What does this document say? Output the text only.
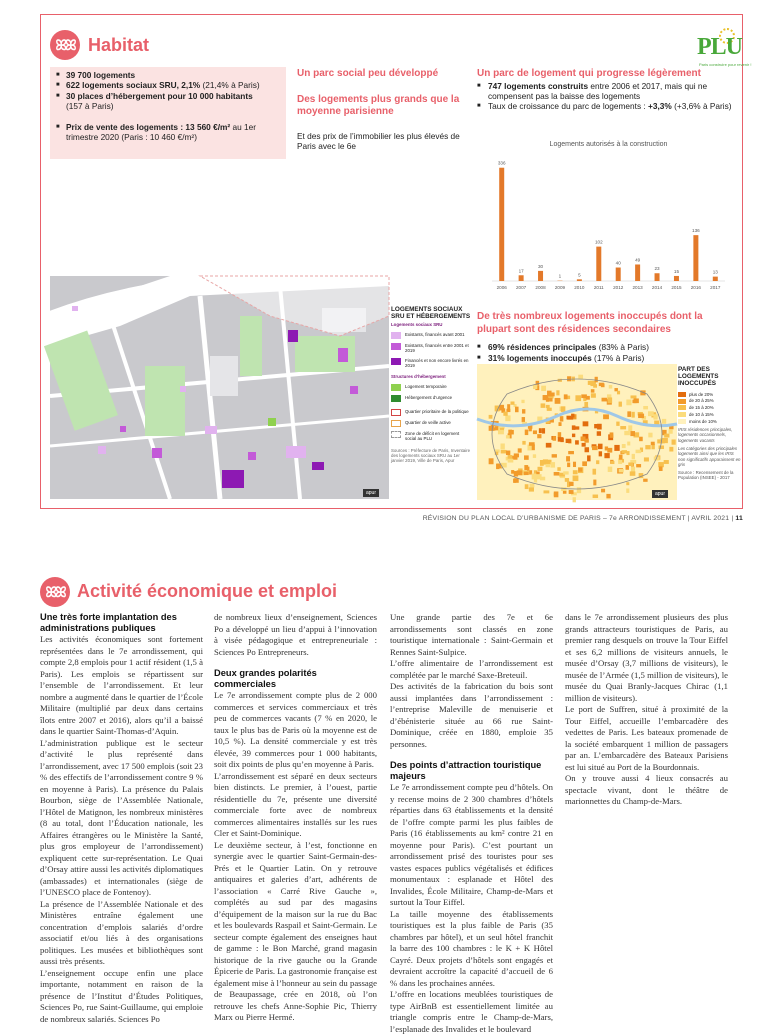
ꕤꕤ Habitat	PLU
Paris construire pour revenir !
■ 39 700 logements
■ 622 logements sociaux SRU, 2,1% (21,4% à Paris)
■ 30 places d’hébergement pour 10 000 habitants
(157 à Paris)
■ Prix de vente des logements : 13 560 €/m² au 1er trimestre 2020 (Paris : 10 460 €/m²)
Un parc social peu développé
Des logements plus grands que la moyenne parisienne
Et des prix de l’immobilier les plus élevés de Paris avec le 6e
Un parc de logement qui progresse légèrement
■ 747 logements construits entre 2006 et 2017, mais qui ne compensent pas la baisse des logements
■ Taux de croissance du parc de logements : +3,3% (+3,6% à Paris)
Logements autorisés à la construction
336
2006
17
2007
30
2008
1
2009
5
2010
102
2011
40
2012
49
2013
23
2014
15
2015
136
2016
13
2017
apur
LOGEMENTS SOCIAUX SRU ET HÉBERGEMENTS
Logements sociaux SRU
Existants, financés avant 2001
Existants, financés entre 2001 et 2019
Financés et non encore livrés en 2019
Structures d’hébergement
Logement temporaire
Hébergement d’urgence
Quartier prioritaire de la politique
Quartier de veille active
Zone de déficit en logement social au PLU
Sources : Préfecture de Paris, Inventaire des logements sociaux SRU au 1er janvier 2019, Ville de Paris, Apur
De très nombreux logements inoccupés dont la plupart sont des résidences secondaires
■ 69% résidences principales (83% à Paris)
■ 31% logements inoccupés (17% à Paris)
apur
PART DES LOGEMENTS INOCCUPÉS
plus de 20%
de 20 à 25%
de 15 à 20%
de 10 à 15%
moins de 10%
IRIS résidences principales, logements occasionnels, logements vacants
Les catégories des principales logements ainsi que les IRIS non significatifs apparaissent en gris
Source : Recensement de la Population (INSEE) - 2017
RÉVISION DU PLAN LOCAL D’URBANISME DE PARIS – 7e ARRONDISSEMENT | AVRIL 2021 | 11
ꕤꕤ Activité économique et emploi
Une très forte implantation des administrations publiques

Les activités économiques sont fortement représentées dans le 7e arrondissement, qui compte 2,8 emplois pour 1 actif résident (1,5 à Paris). Les emplois se répartissent sur l’ensemble de l’arrondissement. Et leur nombre a augmenté dans le quartier de l’École Militaire (multiplié par deux dans certains îlots entre 2007 et 2016), alors qu’il a baissé dans le quartier Saint-Thomas-d’Aquin.

L’administration publique est le secteur d’activité le plus représenté dans l’arrondissement, avec 17 500 emplois (soit 23 % des effectifs de l’arrondissement contre 9 % en moyenne à Paris). La présence du Palais Bourbon, siège de l’Assemblée Nationale, l’Hôtel de Matignon, les nombreux ministères (8 au total, dont l’Éducation nationale, les Affaires étrangères ou le Ministère la Santé, plus gros employeur de l’arrondissement) expliquent cette sur-représentation. Le Quai d’Orsay attire aussi les activités diplomatiques (ambassades) et internationales (siège de l’UNESCO place de Fontenoy).

La présence de l’Assemblée Nationale et des Ministères entraîne également une concentration d’emplois salariés d’ordre associatif et/ou liés à des organisations politiques. Les musées et bibliothèques sont aussi très présents.

L’enseignement occupe enfin une place importante, notamment en raison de la présence de l’Institut d’Études Politiques, Sciences Po, rue Saint-Guillaume, qui emploie de nombreux salariés. Sciences Po

de nombreux lieux d’enseignement, Sciences Po a développé un lieu d’appui à l’innovation à visée pédagogique et entrepreneuriale : Sciences Po Entrepreneurs.

Deux grandes polarités commerciales

Le 7e arrondissement compte plus de 2 000 commerces et services commerciaux et très peu de commerces vacants (7 % en 2020, le taux le plus bas de Paris où la moyenne est de 10,5 %). La densité commerciale y est très élevée, 39 commerces pour 1 000 habitants, soit dix points de plus qu’en moyenne à Paris.

L’arrondissement est séparé en deux secteurs bien distincts. Le premier, à l’ouest, partie résidentielle du 7e, présente une diversité commerciale forte avec de nombreux commerces alimentaires installés sur les rues Cler et Saint-Dominique.

Le deuxième secteur, à l’est, fonctionne en synergie avec le quartier Saint-Germain-des-Prés et le Quartier Latin. On y retrouve antiquaires et galeries d’art, adhérents de l’association « Carré Rive Gauche », complétés au sud par des magasins d’équipement de la maison sur la rue du Bac et les boulevards Raspail et Saint-Germain. Le secteur compte également des enseignes haut de gamme : le Bon Marché, grand magasin historique de la rive gauche ou la Grande Épicerie de Paris. La gastronomie française est également mise à l’honneur au sein du passage de Beaupassage, crée en 2018, où l’on retrouve les chefs Anne-Sophie Pic, Thierry Marx ou Pierre Hermé.

Une grande partie des 7e et 6e arrondissements sont classés en zone touristique internationale : Saint-Germain et Rennes Saint-Sulpice.

L’offre alimentaire de l’arrondissement est complétée par le marché Saxe-Breteuil.

Des activités de la fabrication du bois sont aussi implantées dans l’arrondissement : l’entreprise Maleville de menuiserie et d’ébénisterie située au 66 rue Saint-Dominique, créée en 1880, emploie 35 personnes.

Des points d’attraction touristique majeurs

Le 7e arrondissement compte peu d’hôtels. On y recense moins de 2 300 chambres d’hôtels réparties dans 63 établissements et la densité de l’offre compte parmi les plus faibles de Paris (16 établissements au km² contre 21 en moyenne pour Paris). C’est pourtant un arrondissement prisé des touristes pour ses vastes espaces publics végétalisés et édifices monumentaux : esplanade et Hôtel des Invalides, École Militaire, Champ-de-Mars et surtout la Tour Eiffel.

La taille moyenne des établissements touristiques est la plus faible de Paris (35 chambres par hôtel), et un seul hôtel franchit la barre des 100 chambres : le K + K Hôtel Cayré. Deux projets d’hôtels sont engagés et devraient accroître la capacité d’accueil de 6 % dans les prochaines années.

L’offre en locations meublées touristiques de type AirBnB est essentiellement limitée au triangle compris entre le Champ-de-Mars, l’esplanade des Invalides et le boulevard

dans le 7e arrondissement plusieurs des plus grands attracteurs touristiques de Paris, au premier rang desquels on trouve la Tour Eiffel et ses 6,2 millions de visiteurs annuels, le musée d’Orsay (3,7 millions de visiteurs), le musée de l’Armée (1,5 million de visiteurs), le musée du Quai Branly-Jacques Chirac (1,1 million de visiteurs).

Le port de Suffren, situé à proximité de la Tour Eiffel, accueille l’embarcadère des vedettes de Paris. Les bateaux promenade de la société embarquent 1 million de passagers par an. L’embarcadère des Bateaux Parisiens est lui situé au Port de la Bourdonnais.

On y trouve aussi 4 lieux consacrés au spectacle vivant, dont le théâtre de marionnettes du Champ-de-Mars.
